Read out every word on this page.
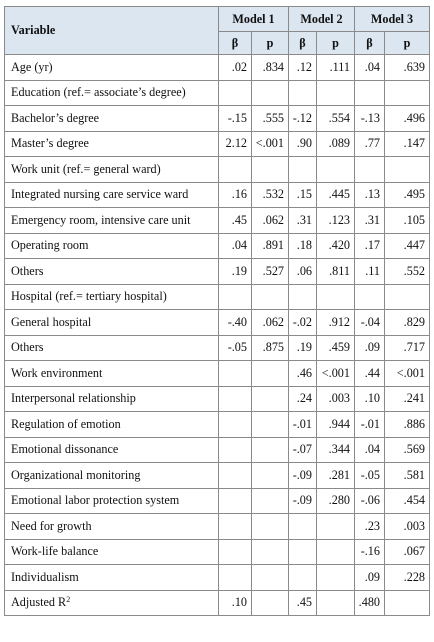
Variable	Model 1		Model 2		Model 3	
	β	p	β	p	β	p
Age (yr)	.02	.834	.12	.111	.04	.639
Education (ref.= associate’s degree)						
Bachelor’s degree	-.15	.555	-.12	.554	-.13	.496
Master’s degree	2.12	<.001	.90	.089	.77	.147
Work unit (ref.= general ward)						
Integrated nursing care service ward	.16	.532	.15	.445	.13	.495
Emergency room, intensive care unit	.45	.062	.31	.123	.31	.105
Operating room	.04	.891	.18	.420	.17	.447
Others	.19	.527	.06	.811	.11	.552
Hospital (ref.= tertiary hospital)						
General hospital	-.40	.062	-.02	.912	-.04	.829
Others	-.05	.875	.19	.459	.09	.717
Work environment			.46	<.001	.44	<.001
Interpersonal relationship			.24	.003	.10	.241
Regulation of emotion			-.01	.944	-.01	.886
Emotional dissonance			-.07	.344	.04	.569
Organizational monitoring			-.09	.281	-.05	.581
Emotional labor protection system			-.09	.280	-.06	.454
Need for growth					.23	.003
Work-life balance					-.16	.067
Individualism					.09	.228
Adjusted $R^2$	.10		.45		.480	
